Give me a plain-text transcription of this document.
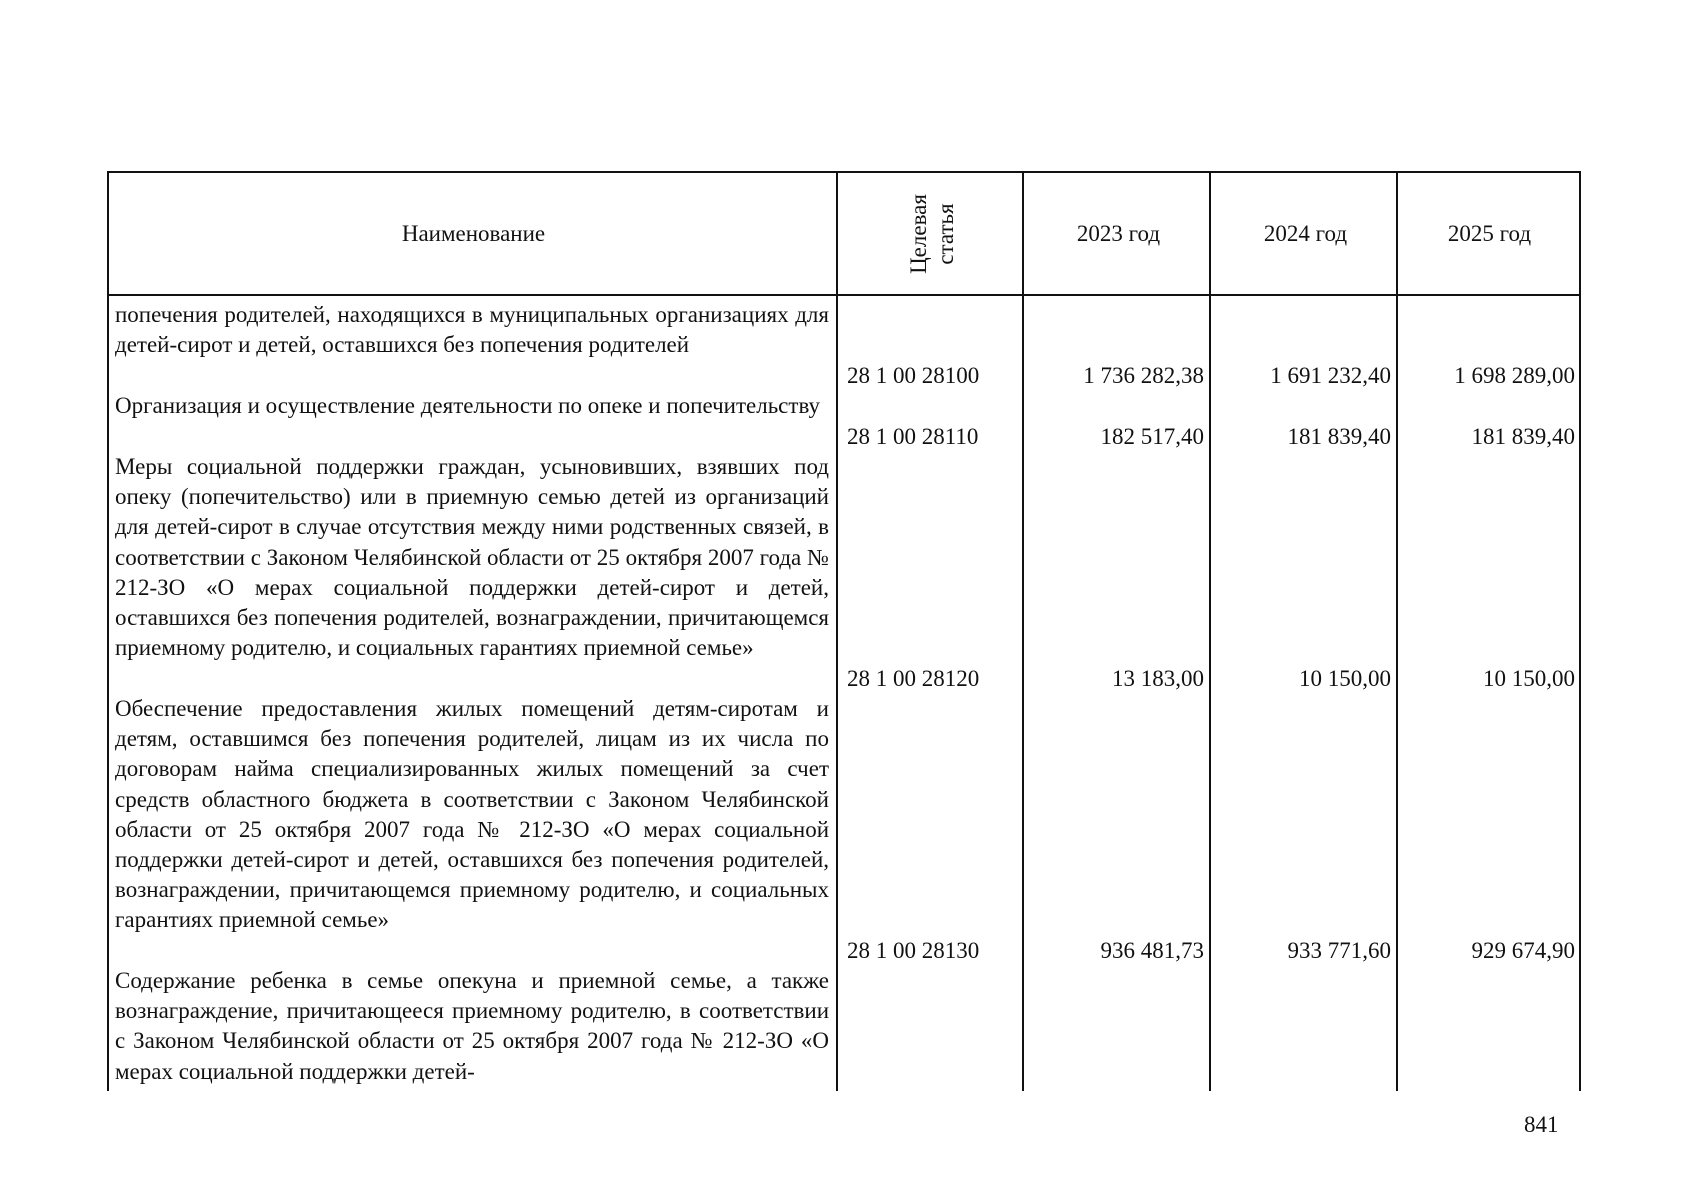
Наименование	Целевая статья	2023 год	2024 год	2025 год
попечения родителей, находящихся в муниципальных организациях для детей-сирот и детей, оставшихся без попечения родителей
28 1 00 28100	1 736 282,38	1 691 232,40	1 698 289,00
Организация и осуществление деятельности по опеке и попечительству
28 1 00 28110	182 517,40	181 839,40	181 839,40
Меры социальной поддержки граждан, усыновивших, взявших под опеку (попечительство) или в приемную семью детей из организаций для детей-сирот в случае отсутствия между ними родственных связей, в соответствии с Законом Челябинской области от 25 октября 2007 года № 212-ЗО «О мерах социальной поддержки детей-сирот и детей, оставшихся без попечения родителей, вознаграждении, причитающемся приемному родителю, и социальных гарантиях приемной семье»
28 1 00 28120	13 183,00	10 150,00	10 150,00
Обеспечение предоставления жилых помещений детям-сиротам и детям, оставшимся без попечения родителей, лицам из их числа по договорам найма специализированных жилых помещений за счет средств областного бюджета в соответствии с Законом Челябинской области от 25 октября 2007 года № 212-ЗО «О мерах социальной поддержки детей-сирот и детей, оставшихся без попечения родителей, вознаграждении, причитающемся приемному родителю, и социальных гарантиях приемной семье»
28 1 00 28130	936 481,73	933 771,60	929 674,90
Содержание ребенка в семье опекуна и приемной семье, а также вознаграждение, причитающееся приемному родителю, в соответствии с Законом Челябинской области от 25 октября 2007 года № 212-ЗО «О мерах социальной поддержки детей-
841
